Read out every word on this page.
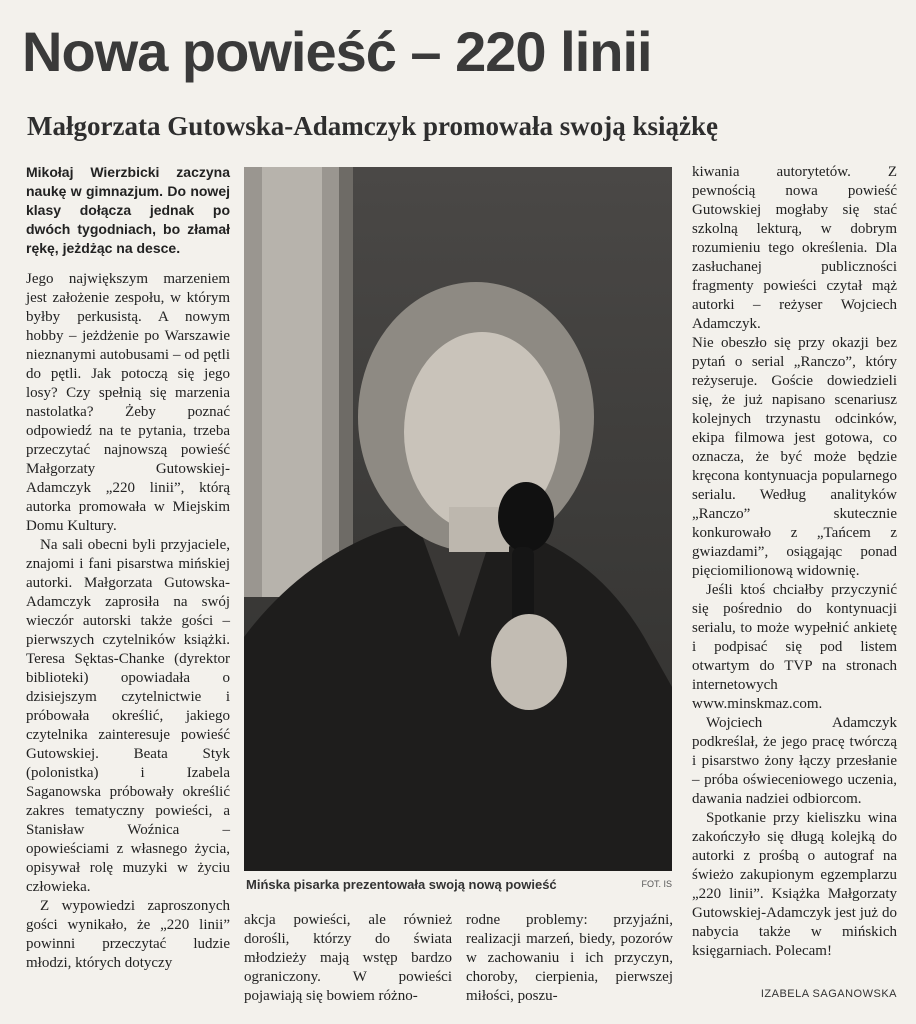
Nowa powieść – 220 linii
Małgorzata Gutowska-Adamczyk promowała swoją książkę

Mikołaj Wierzbicki zaczyna naukę w gimnazjum. Do nowej klasy dołącza jednak po dwóch tygodniach, bo złamał rękę, jeżdżąc na desce.

Jego największym marzeniem jest założenie zespołu, w którym byłby perkusistą. A nowym hobby – jeżdżenie po Warszawie nieznanymi autobusami – od pętli do pętli. Jak potoczą się jego losy? Czy spełnią się marzenia nastolatka? Żeby poznać odpowiedź na te pytania, trzeba przeczytać najnowszą powieść Małgorzaty Gutowskiej-Adamczyk „220 linii”, którą autorka promowała w Miejskim Domu Kultury.

Na sali obecni byli przyjaciele, znajomi i fani pisarstwa mińskiej autorki. Małgorzata Gutowska-Adamczyk zaprosiła na swój wieczór autorski także gości – pierwszych czytelników książki. Teresa Sęktas-Chanke (dyrektor biblioteki) opowiadała o dzisiejszym czytelnictwie i próbowała określić, jakiego czytelnika zainteresuje powieść Gutowskiej. Beata Styk (polonistka) i Izabela Saganowska próbowały określić zakres tematyczny powieści, a Stanisław Woźnica – opowieściami z własnego życia, opisywał rolę muzyki w życiu człowieka.

Z wypowiedzi zaproszonych gości wynikało, że „220 linii” powinni przeczytać ludzie młodzi, których dotyczy

Mińska pisarka prezentowała swoją nową powieść	FOT. IS

akcja powieści, ale również dorośli, którzy do świata młodzieży mają wstęp bardzo ograniczony. W powieści pojawiają się bowiem różno-

rodne problemy: przyjaźni, realizacji marzeń, biedy, pozorów w zachowaniu i ich przyczyn, choroby, cierpienia, pierwszej miłości, poszu-

kiwania autorytetów. Z pewnością nowa powieść Gutowskiej mogłaby się stać szkolną lekturą, w dobrym rozumieniu tego określenia. Dla zasłuchanej publiczności fragmenty powieści czytał mąż autorki – reżyser Wojciech Adamczyk.

Nie obeszło się przy okazji bez pytań o serial „Ranczo”, który reżyseruje. Goście dowiedzieli się, że już napisano scenariusz kolejnych trzynastu odcinków, ekipa filmowa jest gotowa, co oznacza, że być może będzie kręcona kontynuacja popularnego serialu. Według analityków „Ranczo” skutecznie konkurowało z „Tańcem z gwiazdami”, osiągając ponad pięciomilionową widownię.

Jeśli ktoś chciałby przyczynić się pośrednio do kontynuacji serialu, to może wypełnić ankietę i podpisać się pod listem otwartym do TVP na stronach internetowych www.minskmaz.com.

Wojciech Adamczyk podkreślał, że jego pracę twórczą i pisarstwo żony łączy przesłanie – próba oświeceniowego uczenia, dawania nadziei odbiorcom.

Spotkanie przy kieliszku wina zakończyło się długą kolejką do autorki z prośbą o autograf na świeżo zakupionym egzemplarzu „220 linii”. Książka Małgorzaty Gutowskiej-Adamczyk jest już do nabycia także w mińskich księgarniach. Polecam!

IZABELA SAGANOWSKA
